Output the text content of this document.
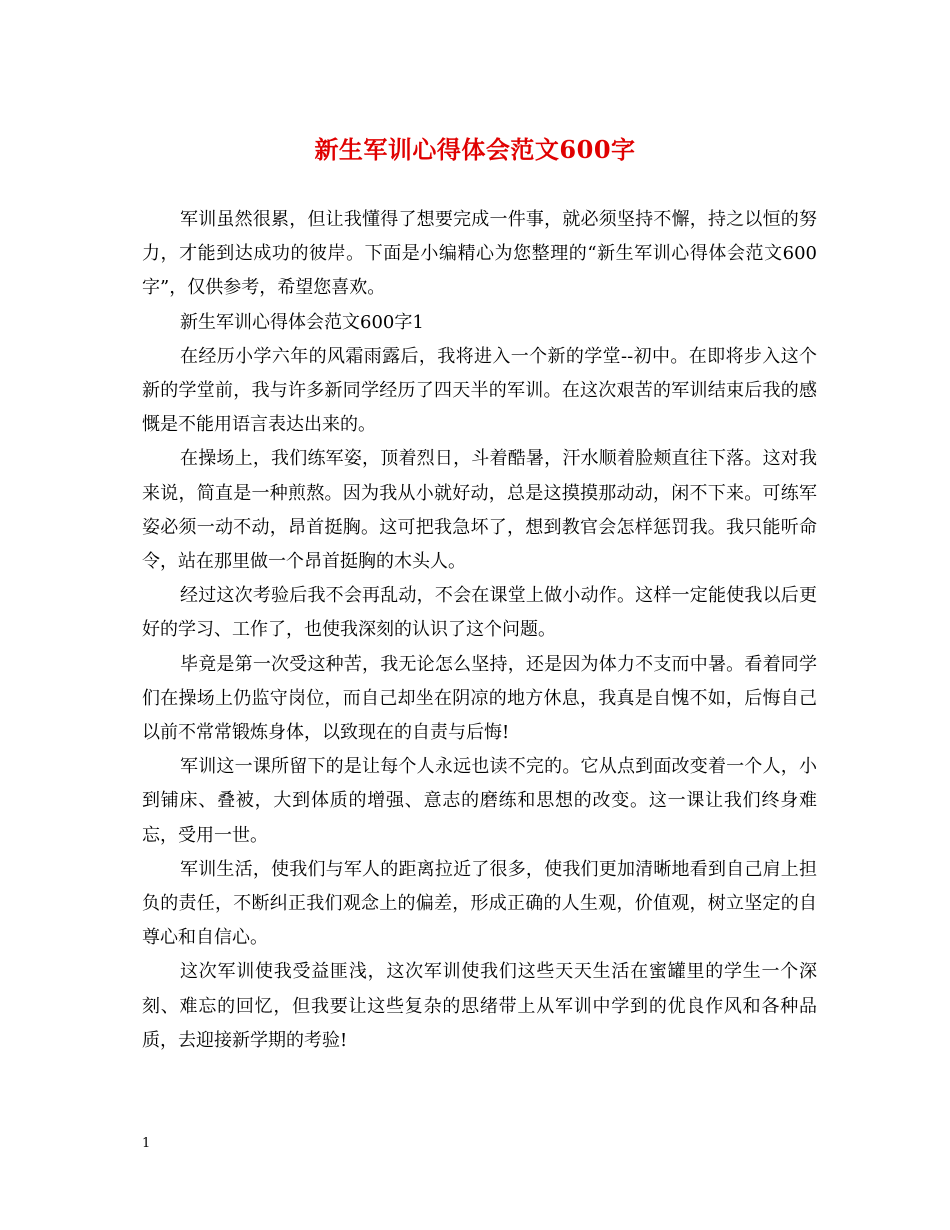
新生军训心得体会范文600字

军训虽然很累，但让我懂得了想要完成一件事，就必须坚持不懈，持之以恒的努力，才能到达成功的彼岸。下面是小编精心为您整理的“新生军训心得体会范文600字”，仅供参考，希望您喜欢。

新生军训心得体会范文600字1

在经历小学六年的风霜雨露后，我将进入一个新的学堂--初中。在即将步入这个新的学堂前，我与许多新同学经历了四天半的军训。在这次艰苦的军训结束后我的感慨是不能用语言表达出来的。

在操场上，我们练军姿，顶着烈日，斗着酷暑，汗水顺着脸颊直往下落。这对我来说，简直是一种煎熬。因为我从小就好动，总是这摸摸那动动，闲不下来。可练军姿必须一动不动，昂首挺胸。这可把我急坏了，想到教官会怎样惩罚我。我只能听命令，站在那里做一个昂首挺胸的木头人。

经过这次考验后我不会再乱动，不会在课堂上做小动作。这样一定能使我以后更好的学习、工作了，也使我深刻的认识了这个问题。

毕竟是第一次受这种苦，我无论怎么坚持，还是因为体力不支而中暑。看着同学们在操场上仍监守岗位，而自己却坐在阴凉的地方休息，我真是自愧不如，后悔自己以前不常常锻炼身体，以致现在的自责与后悔!

军训这一课所留下的是让每个人永远也读不完的。它从点到面改变着一个人，小到铺床、叠被，大到体质的增强、意志的磨练和思想的改变。这一课让我们终身难忘，受用一世。

军训生活，使我们与军人的距离拉近了很多，使我们更加清晰地看到自己肩上担负的责任，不断纠正我们观念上的偏差，形成正确的人生观，价值观，树立坚定的自尊心和自信心。

这次军训使我受益匪浅，这次军训使我们这些天天生活在蜜罐里的学生一个深刻、难忘的回忆，但我要让这些复杂的思绪带上从军训中学到的优良作风和各种品质，去迎接新学期的考验!

1
